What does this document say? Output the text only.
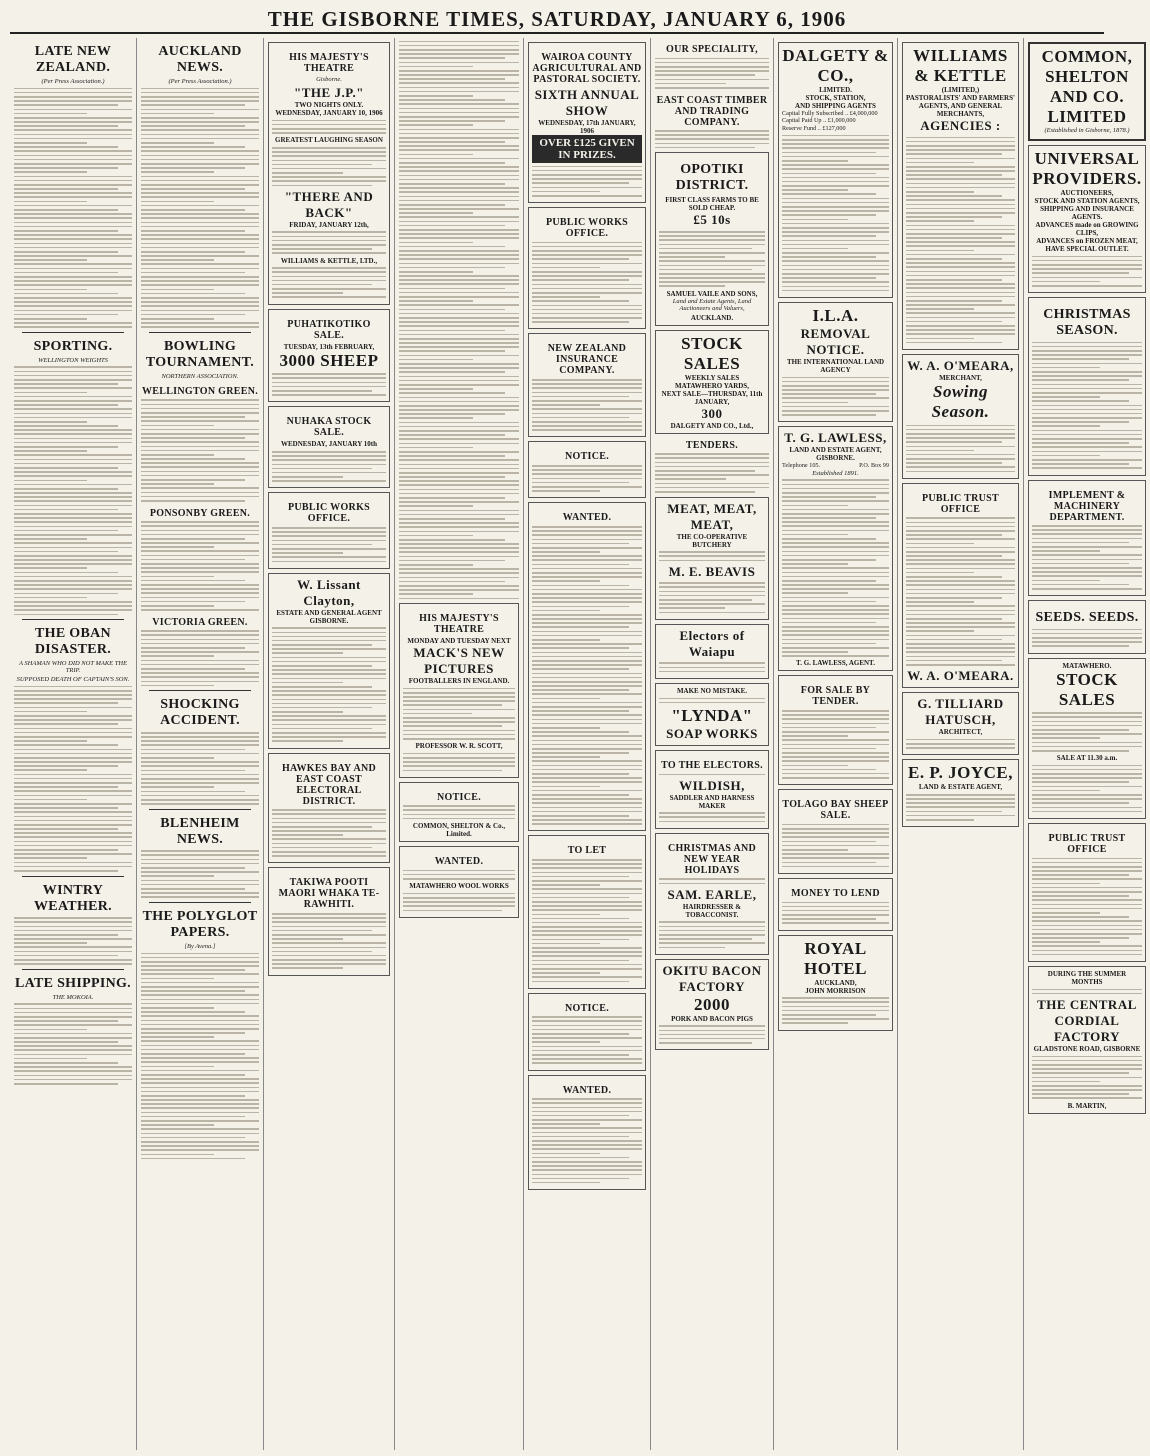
THE GISBORNE TIMES, SATURDAY, JANUARY 6, 1906
LATE NEW ZEALAND.
(Per Press Association.)
SPORTING.
WELLINGTON WEIGHTS
THE OBAN DISASTER.
A SHAMAN WHO DID NOT MAKE THE TRIP.
SUPPOSED DEATH OF CAPTAIN'S SON.
WINTRY WEATHER.
LATE SHIPPING.
THE MOKOIA.
AUCKLAND NEWS.
(Per Press Association.)
BOWLING TOURNAMENT.
NORTHERN ASSOCIATION.
WELLINGTON GREEN.
PONSONBY GREEN.
VICTORIA GREEN.
SHOCKING ACCIDENT.
BLENHEIM NEWS.
THE POLYGLOT PAPERS.
[By Avena.]
HIS MAJESTY'S THEATRE
Gisborne.
"THE J.P."
TWO NIGHTS ONLY.
WEDNESDAY, JANUARY 10, 1906
GREATEST LAUGHING SEASON
"THERE AND BACK"
FRIDAY, JANUARY 12th,
WILLIAMS & KETTLE, LTD.,
PUHATIKOTIKO SALE.
TUESDAY, 13th FEBRUARY,
3000 SHEEP
NUHAKA STOCK SALE.
WEDNESDAY, JANUARY 10th
PUBLIC WORKS OFFICE.
W. Lissant Clayton,
ESTATE AND GENERAL AGENT
GISBORNE.
HAWKES BAY AND EAST COAST ELECTORAL DISTRICT.
TAKIWA POOTI MAORI WHAKA TE-RAWHITI.
HIS MAJESTY'S THEATRE
MONDAY AND TUESDAY NEXT
MACK'S NEW PICTURES
FOOTBALLERS IN ENGLAND.
PROFESSOR W. R. SCOTT,
NOTICE.
COMMON, SHELTON & Co., Limited.
WANTED.
MATAWHERO WOOL WORKS
WAIROA COUNTY AGRICULTURAL AND PASTORAL SOCIETY.
SIXTH ANNUAL SHOW
WEDNESDAY, 17th JANUARY, 1906
OVER £125 GIVEN IN PRIZES.
PUBLIC WORKS OFFICE.
NEW ZEALAND INSURANCE COMPANY.
NOTICE.
WANTED.
TO LET
NOTICE.
WANTED.
OUR SPECIALITY,
EAST COAST TIMBER AND TRADING COMPANY.
OPOTIKI DISTRICT.
FIRST CLASS FARMS TO BE SOLD CHEAP.
£5 10s
SAMUEL VAILE AND SONS,
Land and Estate Agents, Land Auctioneers and Valuers,
AUCKLAND.
STOCK SALES
WEEKLY SALES
MATAWHERO YARDS,
NEXT SALE—THURSDAY, 11th JANUARY,
300
DALGETY AND CO., Ltd.,
TENDERS.
MEAT, MEAT, MEAT,
THE CO-OPERATIVE BUTCHERY
M. E. BEAVIS
Electors of Waiapu
MAKE NO MISTAKE.
"LYNDA"
SOAP WORKS
TO THE ELECTORS.
WILDISH,
SADDLER AND HARNESS MAKER
CHRISTMAS AND NEW YEAR HOLIDAYS
SAM. EARLE,
HAIRDRESSER & TOBACCONIST.
OKITU BACON FACTORY
2000
PORK AND BACON PIGS
DALGETY & CO.,
LIMITED.
STOCK, STATION,
AND SHIPPING AGENTS
Capital Fully Subscribed .. £4,000,000
Capital Paid Up .. £1,000,000
Reserve Fund .. £127,000
I.L.A.
REMOVAL NOTICE.
THE INTERNATIONAL LAND AGENCY
T. G. LAWLESS,
LAND AND ESTATE AGENT, GISBORNE.
Telephone 105.	P.O. Box 99
Established 1891.
T. G. LAWLESS, AGENT.
FOR SALE BY TENDER.
TOLAGO BAY SHEEP SALE.
MONEY TO LEND
ROYAL HOTEL
AUCKLAND,
JOHN MORRISON
WILLIAMS & KETTLE
(LIMITED,)
PASTORALISTS' AND FARMERS' AGENTS, AND GENERAL MERCHANTS,
AGENCIES :
W. A. O'MEARA,
MERCHANT,
Sowing Season.
PUBLIC TRUST OFFICE
W. A. O'MEARA.
G. TILLIARD HATUSCH,
ARCHITECT,
E. P. JOYCE,
LAND & ESTATE AGENT,
COMMON, SHELTON AND CO. LIMITED
(Established in Gisborne, 1878.)
UNIVERSAL PROVIDERS.
AUCTIONEERS,
STOCK AND STATION AGENTS, SHIPPING AND INSURANCE AGENTS.
ADVANCES made on GROWING CLIPS,
ADVANCES on FROZEN MEAT, HAVE SPECIAL OUTLET.
CHRISTMAS SEASON.
IMPLEMENT & MACHINERY DEPARTMENT.
SEEDS. SEEDS.
MATAWHERO.
STOCK SALES
SALE AT 11.30 a.m.
PUBLIC TRUST OFFICE
DURING THE SUMMER MONTHS
THE CENTRAL CORDIAL FACTORY
GLADSTONE ROAD, GISBORNE
B. MARTIN,
